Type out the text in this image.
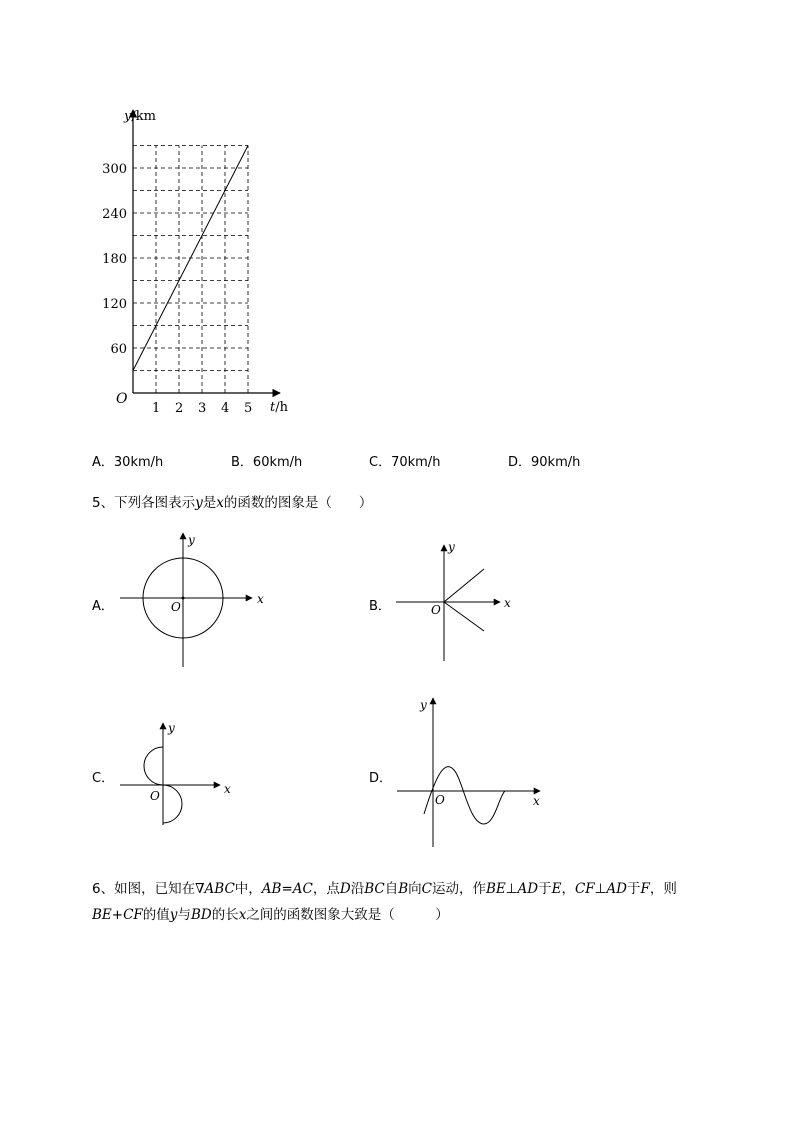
1 2 3 4 5
60
120
180
240
300
O
t/h
y/km
A．30km/h	B．60km/h	C．70km/h	D．90km/h
5、下列各图表示y是x的函数的图象是（　　）
A．	O
x
y
B．	O	x
y
C．
O	x
y
D．
O	x
y
6、如图，已知在∇ABC中，AB=AC，点D沿BC自B向C运动，作BE⊥AD于E，CF⊥AD于F，则
BE+CF的值y与BD的长x之间的函数图象大致是（　　　）
